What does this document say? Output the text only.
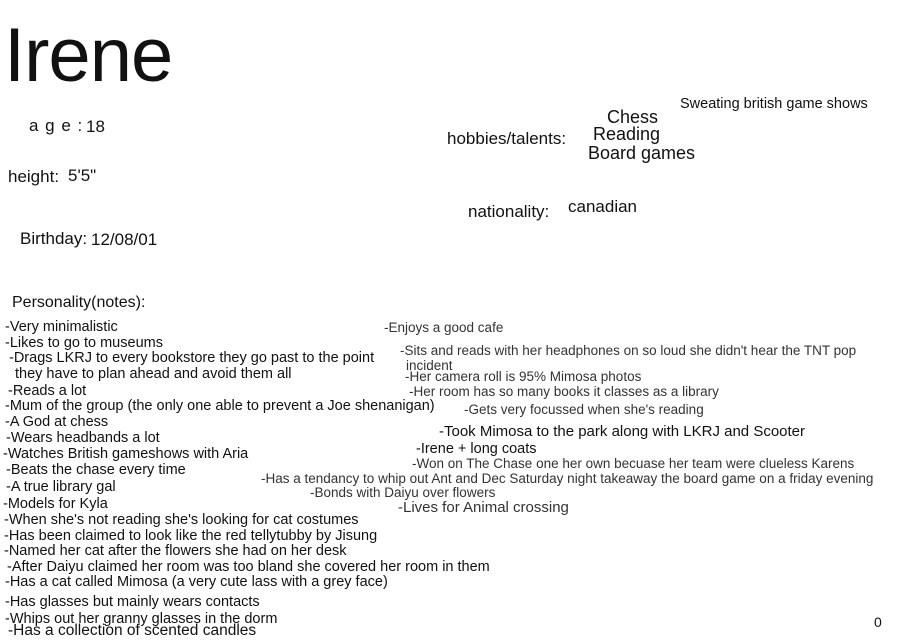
Irene
a g e : 18
height: 5'5"
Birthday: 12/08/01
hobbies/talents:
Chess
Reading
Board games
Sweating british game shows
nationality: canadian
Personality(notes):
-Very minimalistic
-Likes to go to museums
-Drags LKRJ to every bookstore they go past to the point
they have to plan ahead and avoid them all
-Reads a lot
-Mum of the group (the only one able to prevent a Joe shenanigan)
-A God at chess
-Wears headbands a lot
-Watches British gameshows with Aria
-Beats the chase every time
-A true library gal
-Models for Kyla
-When she's not reading she's looking for cat costumes
-Has been claimed to look like the red tellytubby by Jisung
-Named her cat after the flowers she had on her desk
-After Daiyu claimed her room was too bland she covered her room in them
-Has a cat called Mimosa (a very cute lass with a grey face)
-Has glasses but mainly wears contacts
-Whips out her granny glasses in the dorm
-Has a collection of scented candles
-Enjoys a good cafe
-Sits and reads with her headphones on so loud she didn't hear the TNT pop
incident
-Her camera roll is 95% Mimosa photos
-Her room has so many books it classes as a library
-Gets very focussed when she's reading
-Took Mimosa to the park along with LKRJ and Scooter
-Irene + long coats
-Won on The Chase one her own becuase her team were clueless Karens
-Has a tendancy to whip out Ant and Dec Saturday night takeaway the board game on a friday evening
-Bonds with Daiyu over flowers
-Lives for Animal crossing
0
